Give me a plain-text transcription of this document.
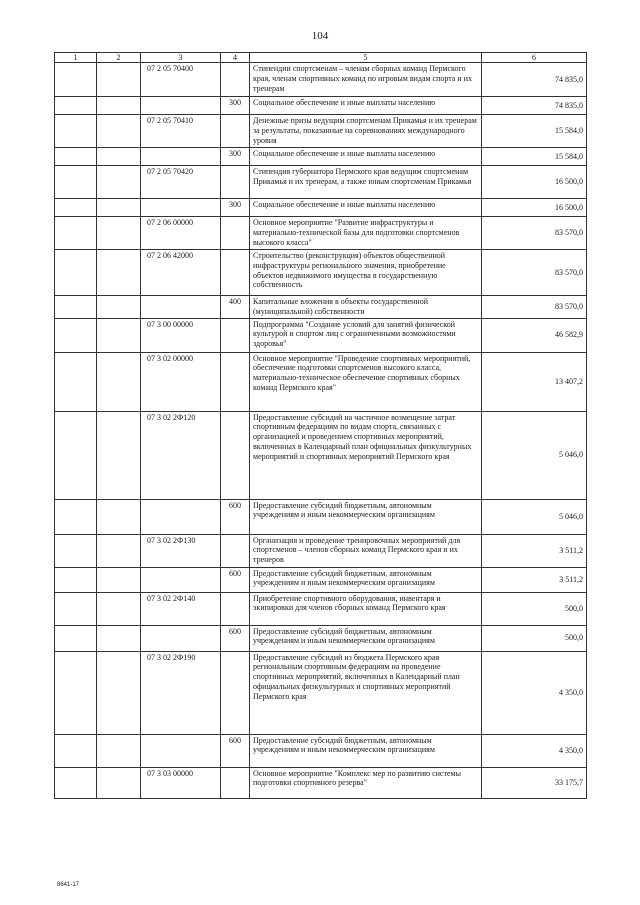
104
1	2	3	4	5	6
		07 2 05 70400		Стипендии спортсменам – членам сборных команд Пермского края, членам спортивных команд по игровым видам спорта и их тренерам	74 835,0
			300	Социальное обеспечение и иные выплаты населению	74 835,0
		07 2 05 70410		Денежные призы ведущим спортсменам Прикамья и их тренерам за результаты, показанные на соревнованиях международного уровня	15 584,0
			300	Социальное обеспечение и иные выплаты населению	15 584,0
		07 2 05 70420		Стипендия губернатора Пермского края ведущим спортсменам Прикамья и их тренерам, а также юным спортсменам Прикамья	16 500,0
			300	Социальное обеспечение и иные выплаты населению	16 500,0
		07 2 06 00000		Основное мероприятие "Развитие инфраструктуры и материально-технической базы для подготовки спортсменов высокого класса"	83 570,0
		07 2 06 42000		Строительство (реконструкция) объектов общественной инфраструктуры регионального значения, приобретение объектов недвижимого имущества в государственную собственность	83 570,0
			400	Капитальные вложения в объекты государственной (муниципальной) собственности	83 570,0
		07 3 00 00000		Подпрограмма "Создание условий для занятий физической культурой и спортом лиц с ограниченными возможностями здоровья"	46 582,9
		07 3 02 00000		Основное мероприятие "Проведение спортивных мероприятий, обеспечение подготовки спортсменов высокого класса, материально-техническое обеспечение спортивных сборных команд Пермского края"	13 407,2
		07 3 02 2Ф120		Предоставление субсидий на частичное возмещение затрат спортивным федерациям по видам спорта, связанных с организацией и проведением спортивных мероприятий, включенных в Календарный план официальных физкультурных мероприятий и спортивных мероприятий Пермского края	5 046,0
			600	Предоставление субсидий бюджетным, автономным учреждениям и иным некоммерческим организациям	5 046,0
		07 3 02 2Ф130		Организация и проведение тренировочных мероприятий для спортсменов – членов сборных команд Пермского края и их тренеров	3 511,2
			600	Предоставление субсидий бюджетным, автономным учреждениям и иным некоммерческим организациям	3 511,2
		07 3 02 2Ф140		Приобретение спортивного оборудования, инвентаря и экипировки для членов сборных команд Пермского края	500,0
			600	Предоставление субсидий бюджетным, автономным учреждениям и иным некоммерческим организациям	500,0
		07 3 02 2Ф190		Предоставление субсидий из бюджета Пермского края региональным спортивным федерациям на проведение спортивных мероприятий, включенных в Календарный план официальных физкультурных и спортивных мероприятий Пермского края	4 350,0
			600	Предоставление субсидий бюджетным, автономным учреждениям и иным некоммерческим организациям	4 350,0
		07 3 03 00000		Основное мероприятие "Комплекс мер по развитию системы подготовки спортивного резерва"	33 175,7
8641-17
